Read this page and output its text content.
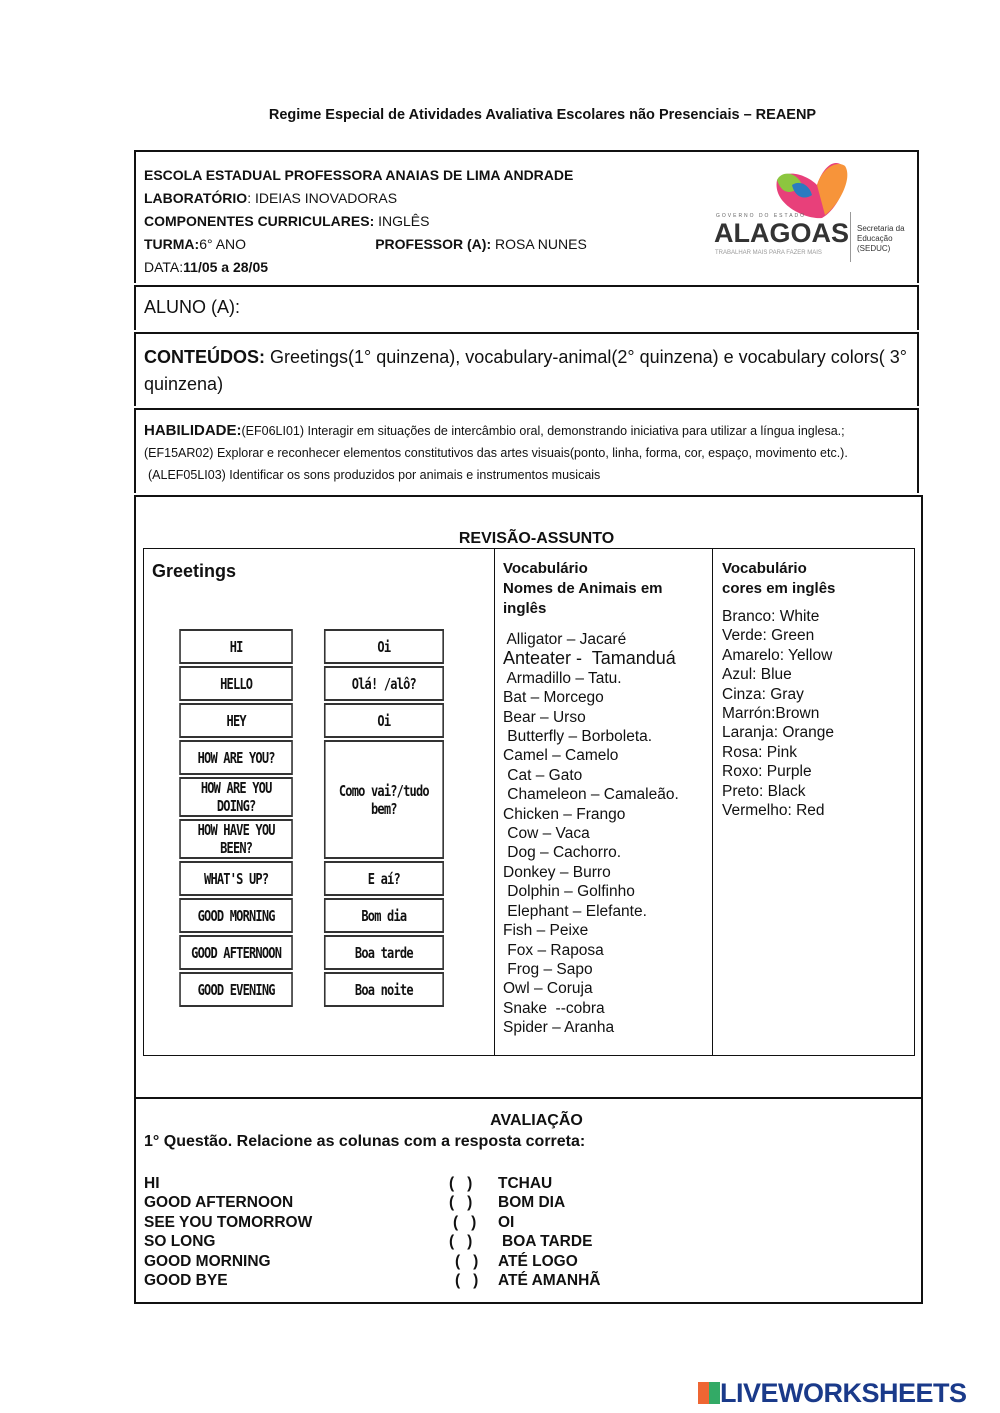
Regime Especial de Atividades Avaliativa Escolares não Presenciais – REAENP
ESCOLA ESTADUAL PROFESSORA ANAIAS DE LIMA ANDRADE
LABORATÓRIO: IDEIAS INOVADORAS
COMPONENTES CURRICULARES: INGLÊS
TURMA:6° ANO	PROFESSOR (A): ROSA NUNES
DATA:11/05 a 28/05
GOVERNO DO ESTADO
ALAGOAS
TRABALHAR MAIS PARA FAZER MAIS
Secretaria da
Educação
(SEDUC)
ALUNO (A):
CONTEÚDOS: Greetings(1° quinzena), vocabulary-animal(2° quinzena) e vocabulary colors( 3° quinzena)
HABILIDADE:(EF06LI01) Interagir em situações de intercâmbio oral, demonstrando iniciativa para utilizar a língua inglesa.;
(EF15AR02) Explorar e reconhecer elementos constitutivos das artes visuais(ponto, linha, forma, cor, espaço, movimento etc.).
(ALEF05LI03) Identificar os sons produzidos por animais e instrumentos musicais
REVISÃO-ASSUNTO
Greetings	Vocabulário
Nomes de Animais em inglês
Alligator – Jacaré
Anteater -  Tamanduá
Armadillo – Tatu.
Bat – Morcego
Bear – Urso
Butterfly – Borboleta.
Camel – Camelo
Cat – Gato
Chameleon – Camaleão.
Chicken – Frango
Cow – Vaca
Dog – Cachorro.
Donkey – Burro
Dolphin – Golfinho
Elephant – Elefante.
Fish – Peixe
Fox – Raposa
Frog – Sapo
Owl – Coruja
Snake  --cobra
Spider – Aranha
Vocabulário
cores em inglês
Branco: White
Verde: Green
Amarelo: Yellow
Azul: Blue
Cinza: Gray
Marrón:Brown
Laranja: Orange
Rosa: Pink
Roxo: Purple
Preto: Black
Vermelho: Red
HI	Oi
HELLO	Olá! /alô?
HEY	Oi
HOW ARE YOU?	Como vai?/tudo bem?
HOW ARE YOU DOING?	
HOW HAVE YOU BEEN?	
WHAT'S UP?	E aí?
GOOD MORNING	Bom dia
GOOD AFTERNOON	Boa tarde
GOOD EVENING	Boa noite
AVALIAÇÃO
1° Questão. Relacione as colunas com a resposta correta:
HI	(   )	TCHAU
GOOD AFTERNOON	(   )	BOM DIA
SEE YOU TOMORROW	(   )	OI
SO LONG	(   )	BOA TARDE
GOOD MORNING	(   )	ATÉ LOGO
GOOD BYE	(   )	ATÉ AMANHÃ
LIVEWORKSHEETS
